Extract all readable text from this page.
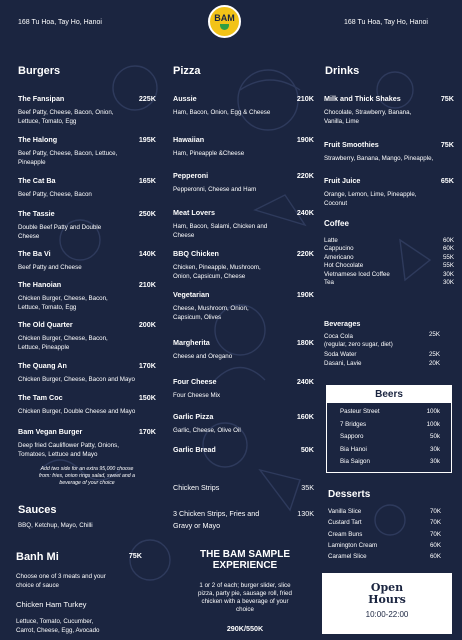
168 Tu Hoa, Tay Ho, Hanoi	168 Tu Hoa, Tay Ho, Hanoi
BAM
Burgers
The Fansipan	225K
Beef Patty, Cheese, Bacon, Onion,
Lettuce, Tomato, Egg
The Halong	195K
Beef Patty, Cheese, Bacon, Lettuce,
Pineapple
The Cat Ba	165K
Beef Patty, Cheese, Bacon
The Tassie	250K
Double Beef Patty and Double
Cheese
The Ba Vi	140K
Beef Patty and Cheese
The Hanoian	210K
Chicken Burger, Cheese, Bacon,
Lettuce, Tomato, Egg
The Old Quarter	200K
Chicken Burger, Cheese, Bacon,
Lettuce, Pineapple
The Quang An	170K
Chicken Burger, Cheese, Bacon and Mayo
The Tam Coc	150K
Chicken Burger, Double Cheese and Mayo
Bam Vegan Burger	170K
Deep fried Cauliflower Patty, Onions,
Tomatoes, Lettuce and Mayo
Add two side for an extra 95,000 choose
from: fries, onion rings salad, sweet and a
beverage of your choice
Sauces
BBQ, Ketchup, Mayo, Chilli
Banh Mi	75K
Choose one of 3 meats and your
choice of sauce
Chicken Ham Turkey
Lettuce, Tomato, Cucumber,
Carrot, Cheese, Egg, Avocado
Pizza
Aussie	210K
Ham, Bacon, Onion, Egg & Cheese
Hawaiian	190K
Ham, Pineapple &Cheese
Pepperoni	220K
Pepperonni, Cheese and Ham
Meat Lovers	240K
Ham, Bacon, Salami, Chicken and
Cheese
BBQ Chicken	220K
Chicken, Pineapple, Mushroom,
Onion, Capsicum, Cheese
Vegetarian	190K
Cheese, Mushroom, Onion,
Capsicum, Olives
Margherita	180K
Cheese and Oregano
Four Cheese	240K
Four Cheese Mix
Garlic Pizza	160K
Garlic, Cheese, Olive Oil
Garlic Bread	50K
Chicken Strips	35K
3 Chicken Strips, Fries and
Gravy or Mayo
130K
THE BAM SAMPLE
EXPERIENCE
1 or 2 of each; burger slider, slice
pizza, party pie, sausage roll, fried
chicken with a beverage of your
choice
290K/550K
Drinks
Milk and Thick Shakes	75K
Chocolate, Strawberry, Banana,
Vanilla, Lime
Fruit Smoothies	75K
Strawberry, Banana, Mango, Pineapple,
Fruit Juice	65K
Orange, Lemon, Lime, Pineapple,
Coconut
Coffee
Latte	60K
Cappucino	60K
Americano	55K
Hot Chocolate	55K
Vietnamese Iced Coffee	30K
Tea	30K
Beverages
Coca Cola
(regular, zero sugar, diet)
25K
Soda Water	25K
Dasani, Lavie	20K
Beers
Pasteur Street	100k
7 Bridges	100k
Sapporo	50k
Bia Hanoi	30k
Bia Saigon	30k
Desserts
Vanilla Slice	70K
Custard Tart	70K
Cream Buns	70K
Lamington Cream	60K
Caramel Slice	60K
Open
Hours
10:00-22:00
